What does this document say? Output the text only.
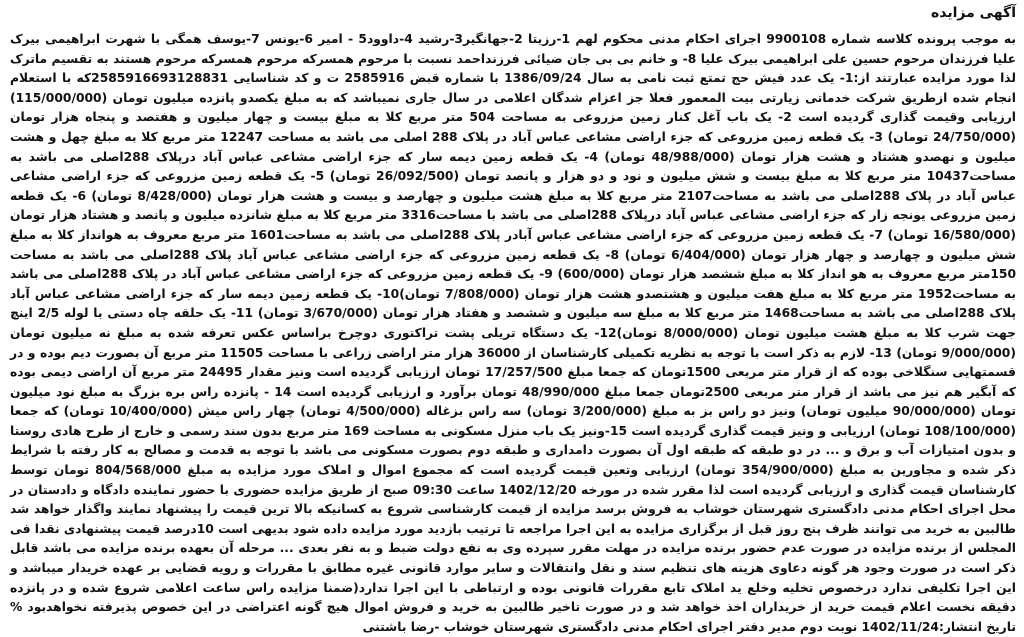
آگهی مزایده

به موجب پرونده کلاسه شماره 9900108 اجرای احکام مدنی محکوم لهم 1-رزیتا 2-جهانگیر3-رشید 4-داوود5 - امیر 6-یونس 7-یوسف همگی با شهرت ابراهیمی بیرک علیا فرزندان مرحوم حسین علی ابراهیمی بیرک علیا 8- و خانم بی بی جان ضیائی فرزنداحمد نسبت با مرحوم همسرکه مرحوم همسرکه مرحوم هستند به تقسیم ماترک لذا مورد مزایده عبارتند از:1- یک عدد فیش حج تمتع ثبت نامی به سال 1386/09/24 با شماره قبض 2585916 ت و کد شناسایی 2585916693128831که با استعلام انجام شده ازطریق شرکت خدماتی زیارتی بیت المعمور فعلا جز اعزام شدگان اعلامی در سال جاری نمیباشد که به مبلغ یکصدو پانزده میلیون تومان (115/000/000) ارزیابی وقیمت گذاری گردیده است 2- یک باب آغل کنار زمین مزروعی به مساحت 504 متر مربع کلا به مبلغ بیست و چهار میلیون و هفتصد و پنجاه هزار تومان (24/750/000 تومان) 3- یک قطعه زمین مزروعی که جزء اراضی مشاعی عباس آباد در پلاک 288 اصلی می باشد به مساحت 12247 متر مربع کلا به مبلغ چهل و هشت میلیون و نهصدو هشتاد و هشت هزار تومان (48/988/000 تومان) 4- یک قطعه زمین دیمه سار که جزء اراضی مشاعی عباس آباد درپلاک 288اصلی می باشد به مساحت10437 متر مربع کلا به مبلغ بیست و شش میلیون و نود و دو هزار و پانصد تومان (26/092/500 تومان) 5- یک قطعه زمین مزروعی که جزء اراضی مشاعی عباس آباد در پلاک 288اصلی می باشد به مساحت2107 متر مربع کلا به مبلغ هشت میلیون و چهارصد و بیست و هشت هزار تومان (8/428/000 تومان) 6- یک قطعه زمین مزروعی یونجه زار که جزء اراضی مشاعی عباس آباد درپلاک 288اصلی می باشد با مساحت3316 متر مربع کلا به مبلغ شانزده میلیون و پانصد و هشتاد هزار تومان (16/580/000 تومان) 7- یک قطعه زمین مزروعی که جزء اراضی مشاعی عباس آبادر پلاک 288اصلی می باشد به مساحت1601 متر مربع معروف به هوانداز کلا به مبلغ شش میلیون و چهارصد و چهار هزار تومان (6/404/000 تومان) 8- یک قطعه زمین مزروعی که جزء اراضی مشاعی عباس آباد پلاک 288اصلی می باشد به مساحت 150متر مربع معروف به هو انداز کلا به مبلغ ششصد هزار تومان (600/000) 9- یک قطعه زمین مزروعی که جزء اراضی مشاعی عباس آباد در پلاک 288اصلی می باشد به مساحت1952 متر مربع کلا به مبلغ هفت میلیون و هشتصدو هشت هزار تومان (7/808/000 تومان)10- یک قطعه زمین دیمه سار که جزء اراضی مشاعی عباس آباد پلاک 288اصلی می باشد به مساحت1468 متر مربع کلا به مبلغ سه میلیون و ششصد و هفتاد هزار تومان (3/670/000 تومان) 11- یک حلقه چاه دستی با لوله 2/5 اینچ جهت شرب کلا به مبلغ هشت میلیون تومان (8/000/000 تومان)12- یک دستگاه تریلی پشت تراکتوری دوچرخ براساس عکس تعرفه شده به مبلغ نه میلیون تومان (9/000/000 تومان) 13- لازم به ذکر است با توجه به نظریه تکمیلی کارشناسان از 36000 هزار متر اراضی زراعی با مساحت 11505 متر مربع آن بصورت دیم بوده و در قسمتهایی سنگلاخی بوده که از قرار متر مربعی 1500تومان که جمعا مبلغ 17/257/500 تومان ارزیابی گردیده است ونیز مقدار 24495 متر مربع آن اراضی دیمی بوده که آبگیر هم نیز می باشد از قرار متر مربعی 2500تومان جمعا مبلغ 48/990/000 تومان برآورد و ارزیابی گردیده است 14 - پانزده راس بره بزرگ به مبلغ نود میلیون تومان (90/000/000 میلیون تومان) ونیز دو راس بز به مبلغ (3/200/000 تومان) سه راس بزغاله (4/500/000 تومان) چهار راس میش (10/400/000 تومان) که جمعا (108/100/000 تومان) ارزیابی و ونیز قیمت گذاری گردیده است 15-ونیز یک باب منزل مسکونی به مساحت 169 متر مربع بدون سند رسمی و خارج از طرح هادی روستا و بدون امتیازات آب و برق و ... در دو طبقه که طبقه اول آن بصورت دامداری و طبقه دوم بصورت مسکونی می باشد با توجه به قدمت و مصالح به کار رفته با شرایط ذکر شده و مجاورین به مبلغ (354/900/000 تومان) ارزیابی وتعین قیمت گردیده است که مجموع اموال و املاک مورد مزایده به مبلغ 804/568/000 تومان توسط کارشناسان قیمت گذاری و ارزیابی گردیده است لذا مقرر شده در مورخه 1402/12/20 ساعت 09:30 صبح از طریق مزایده حضوری با حضور نماینده دادگاه و دادستان در محل اجرای احکام مدنی دادگستری شهرستان خوشاب به فروش برسد مزایده از قیمت کارشناسی شروع به کسانیکه بالا ترین قیمت را پیشنهاد نمایند واگذار خواهد شد طالبین به خرید می توانند ظرف پنج روز قبل از برگزاری مزایده به این اجرا مراجعه تا ترتیب بازدید مورد مزایده داده شود بدیهی است 10درصد قیمت پیشنهادی نقدا فی المجلس از برنده مزایده در صورت عدم حضور برنده مزایده در مهلت مقرر سپرده وی به نفع دولت ضبط و به نفر بعدی ... مرحله آن بعهده برنده مزایده می باشد قابل ذکر است در صورت وجود هر گونه دعاوی هزینه های تنظیم سند و نقل وانتقالات و سایر موارد قانونی غیره مطابق با مقررات و رویه قضایی بر عهده خریدار میباشد و این اجرا تکلیفی ندارد درخصوص تخلیه وخلع ید املاک تابع مقررات قانونی بوده و ارتباطی با این اجرا ندارد(ضمنا مزایده راس ساعت اعلامی شروع شده و در پانزده دقیقه نخست اعلام قیمت خرید از خریداران اخذ خواهد شد و در صورت تاخیر طالبین به خرید و فروش اموال هیچ گونه اعتراضی در این خصوص پذیرفته نخواهدبود % تاریخ انتشار:1402/11/24 نوبت دوم مدیر دفتر اجرای احکام مدنی دادگستری شهرستان خوشاب -رضا باشتنی
